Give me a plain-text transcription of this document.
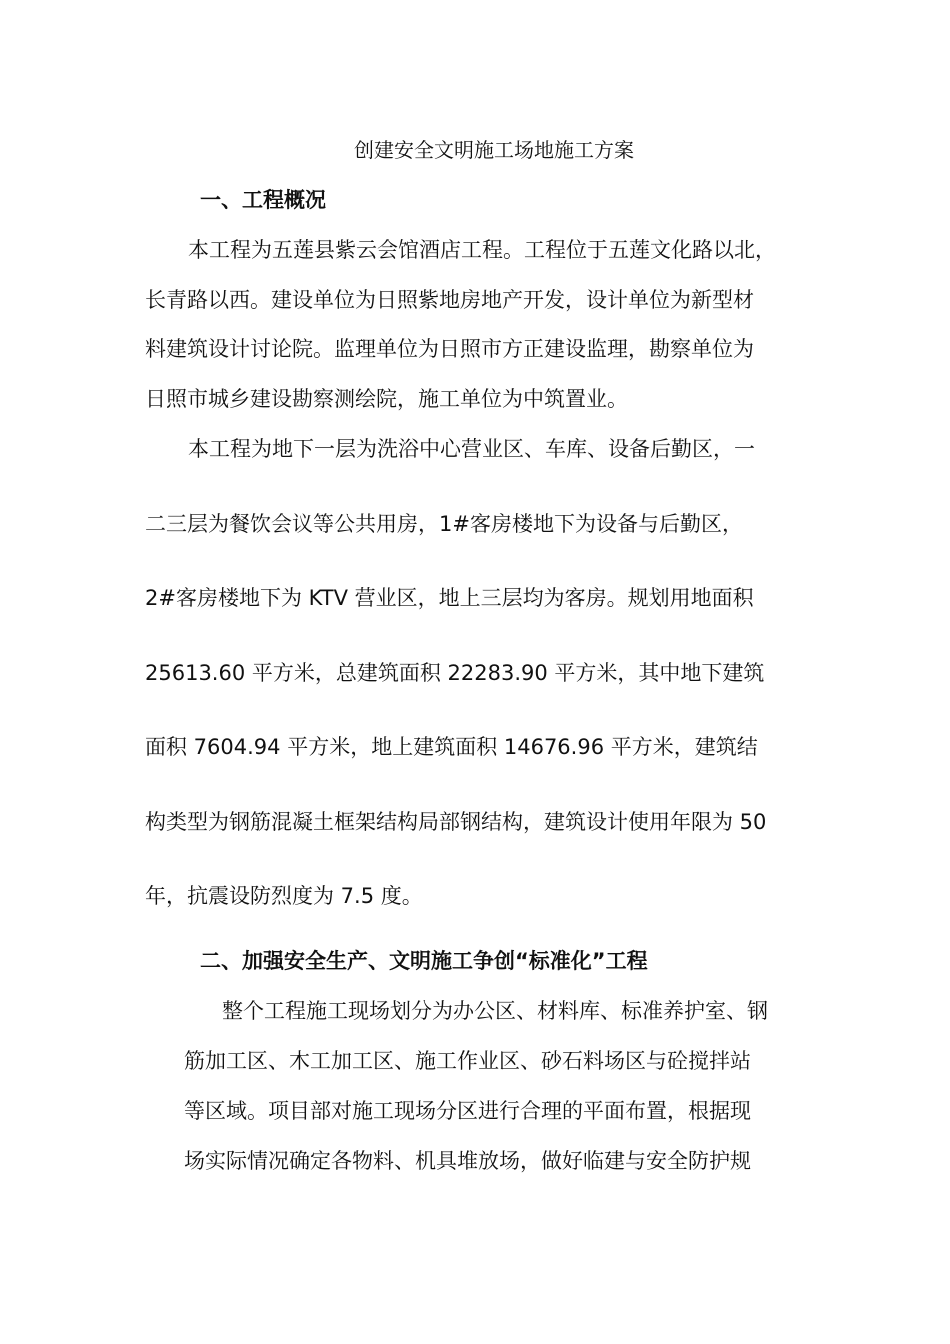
创建安全文明施工场地施工方案
一、工程概况
本工程为五莲县紫云会馆酒店工程。工程位于五莲文化路以北，
长青路以西。建设单位为日照紫地房地产开发，设计单位为新型材
料建筑设计讨论院。监理单位为日照市方正建设监理，勘察单位为
日照市城乡建设勘察测绘院，施工单位为中筑置业。
本工程为地下一层为洗浴中心营业区、车库、设备后勤区，一
二三层为餐饮会议等公共用房，1#客房楼地下为设备与后勤区，
2#客房楼地下为 KTV 营业区，地上三层均为客房。规划用地面积
25613.60 平方米，总建筑面积 22283.90 平方米，其中地下建筑
面积 7604.94 平方米，地上建筑面积 14676.96 平方米，建筑结
构类型为钢筋混凝土框架结构局部钢结构，建筑设计使用年限为 50
年，抗震设防烈度为 7.5 度。
二、加强安全生产、文明施工争创“标准化”工程
整个工程施工现场划分为办公区、材料库、标准养护室、钢
筋加工区、木工加工区、施工作业区、砂石料场区与砼搅拌站
等区域。项目部对施工现场分区进行合理的平面布置，根据现
场实际情况确定各物料、机具堆放场，做好临建与安全防护规
